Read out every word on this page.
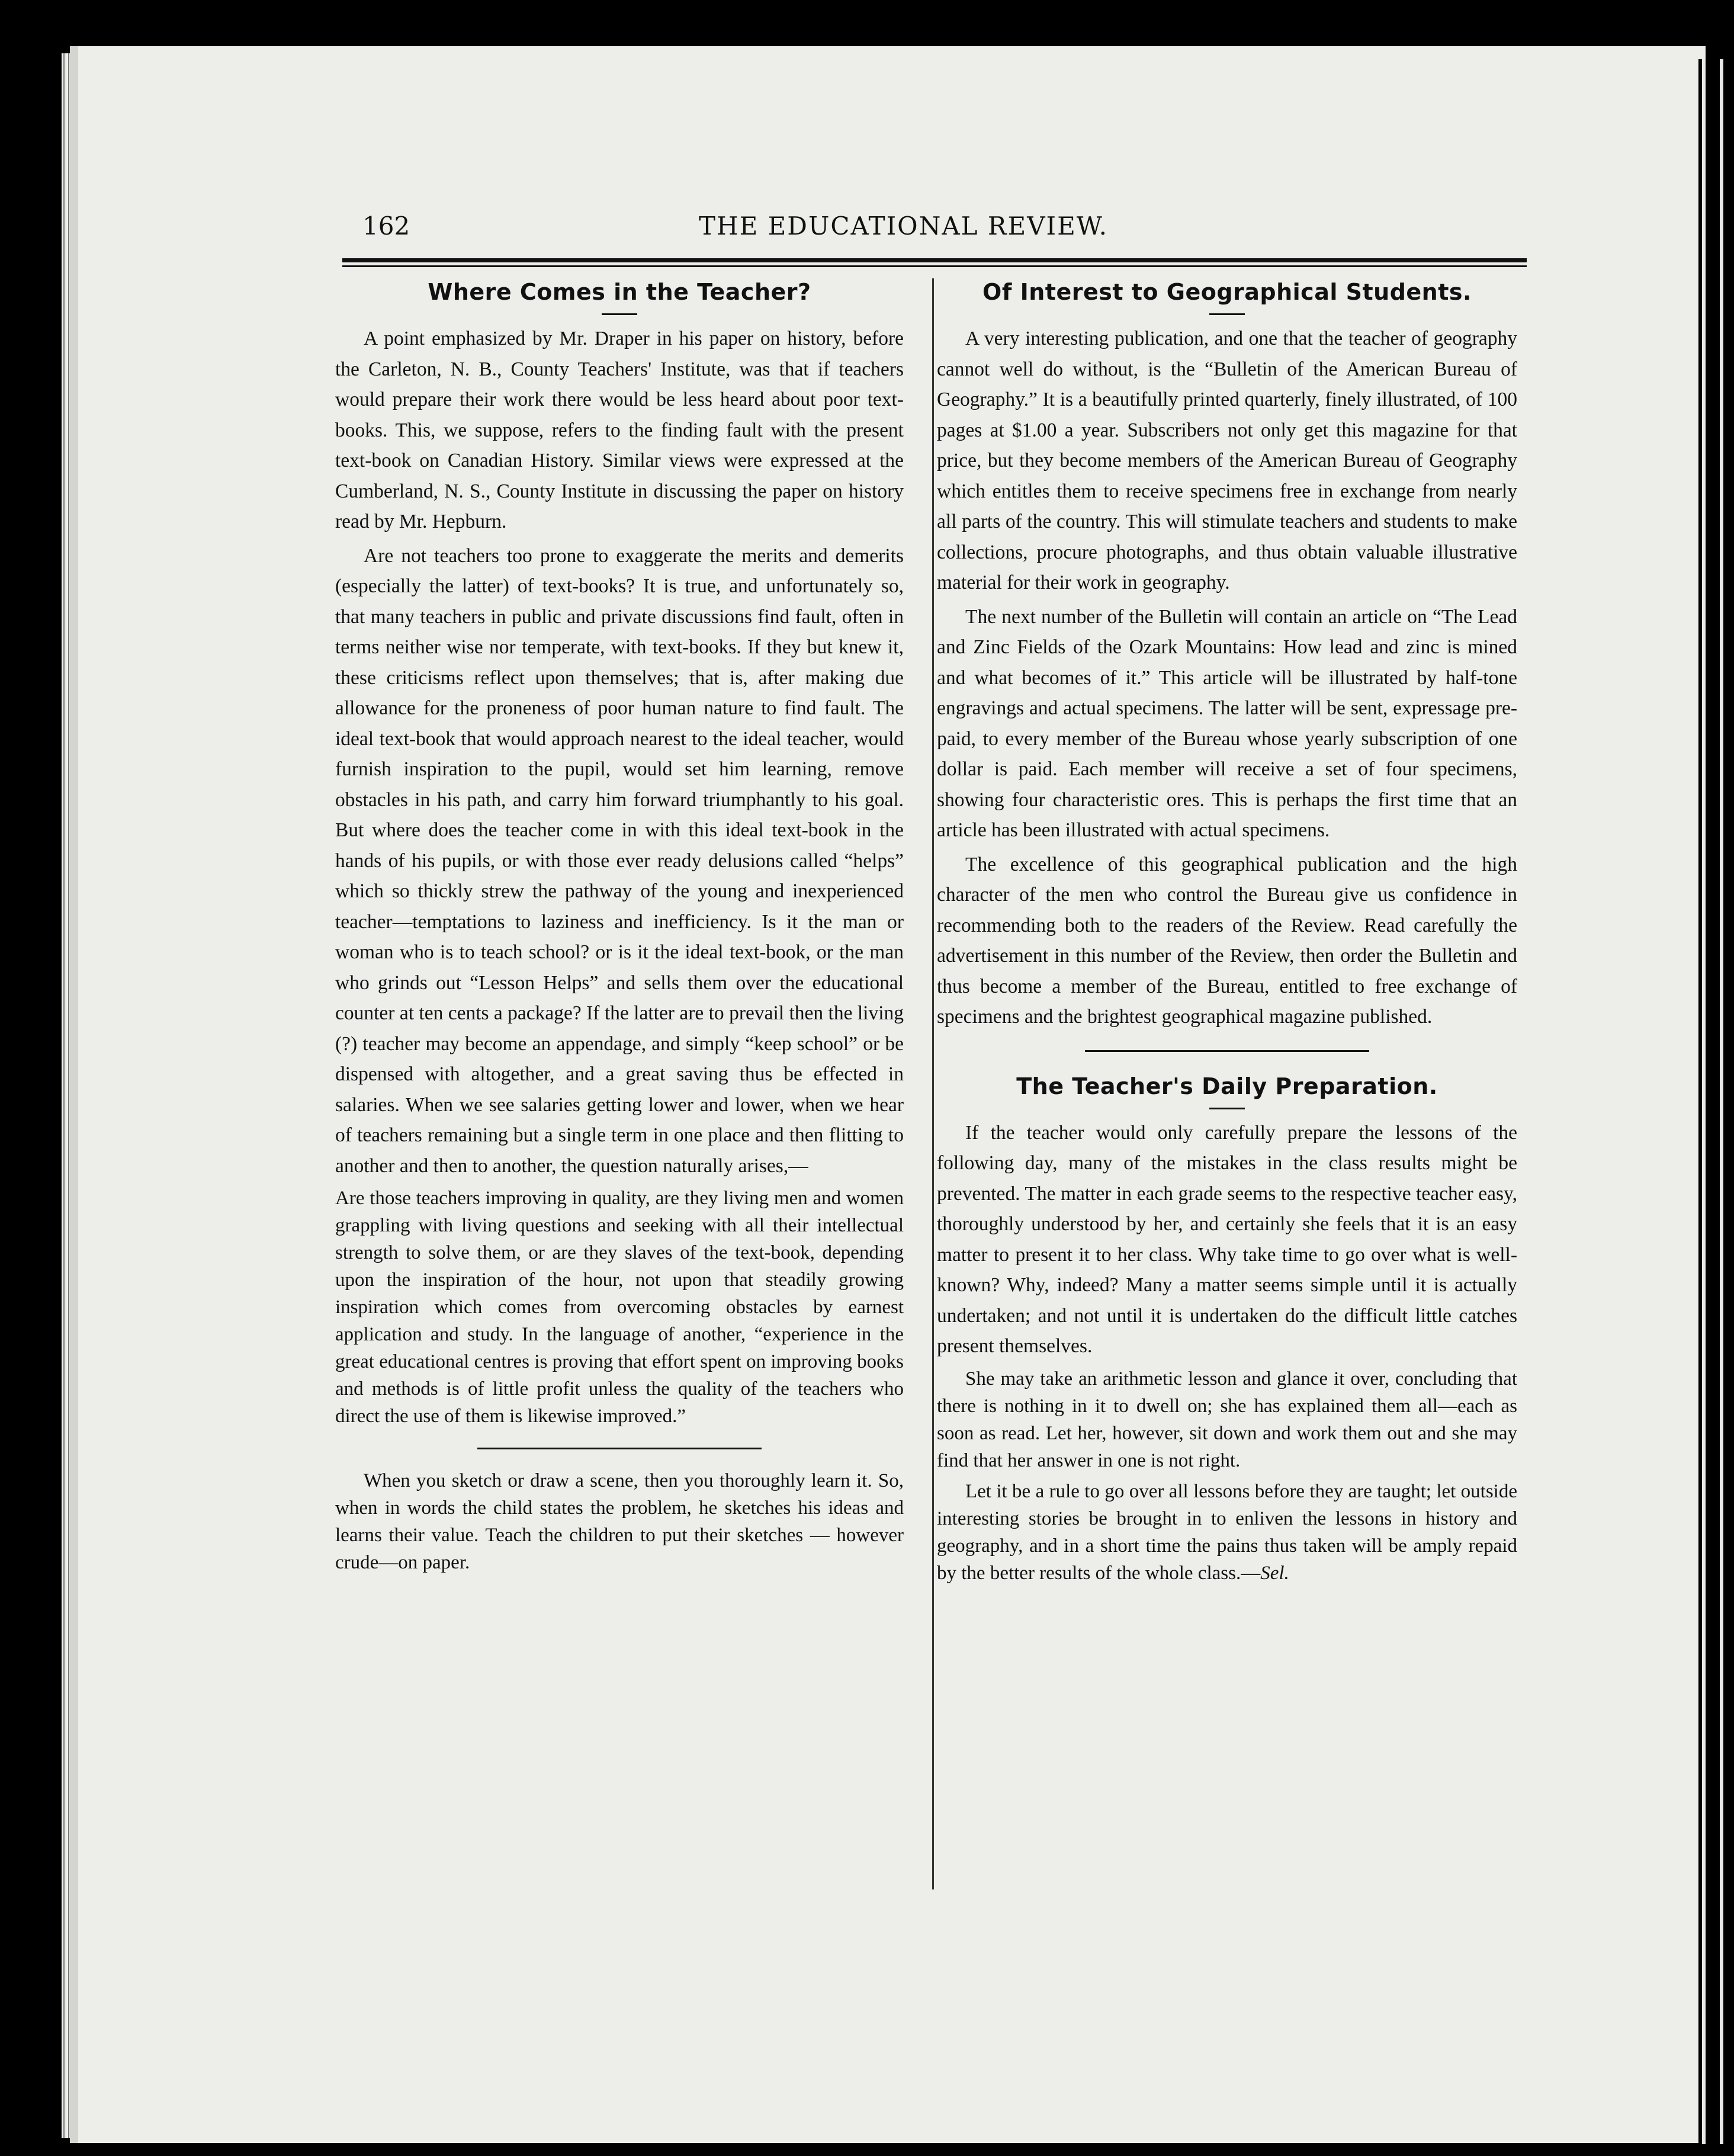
162	THE EDUCATIONAL REVIEW.
Where Comes in the Teacher?

A point emphasized by Mr. Draper in his paper on history, before the Carleton, N. B., County Teachers' Institute, was that if teachers would prepare their work there would be less heard about poor text-books. This, we suppose, refers to the finding fault with the present text-book on Canadian History. Similar views were expressed at the Cumberland, N. S., County Institute in discussing the paper on history read by Mr. Hepburn.

Are not teachers too prone to exaggerate the merits and demerits (especially the latter) of text-books? It is true, and unfortunately so, that many teachers in public and private discussions find fault, often in terms neither wise nor temperate, with text-books. If they but knew it, these criticisms reflect upon themselves; that is, after making due allowance for the proneness of poor human nature to find fault. The ideal text-book that would approach nearest to the ideal teacher, would furnish inspiration to the pupil, would set him learning, remove obstacles in his path, and carry him forward triumphantly to his goal. But where does the teacher come in with this ideal text-book in the hands of his pupils, or with those ever ready delusions called “helps” which so thickly strew the pathway of the young and inexperienced teacher—temptations to laziness and inefficiency. Is it the man or woman who is to teach school? or is it the ideal text-book, or the man who grinds out “Lesson Helps” and sells them over the educational counter at ten cents a package? If the latter are to prevail then the living (?) teacher may become an appendage, and simply “keep school” or be dispensed with altogether, and a great saving thus be effected in salaries. When we see salaries getting lower and lower, when we hear of teachers remaining but a single term in one place and then flitting to another and then to another, the question naturally arises,—

Are those teachers improving in quality, are they living men and women grappling with living questions and seeking with all their intellectual strength to solve them, or are they slaves of the text-book, depending upon the inspiration of the hour, not upon that steadily growing inspiration which comes from overcoming obstacles by earnest application and study. In the language of another, “experience in the great educational centres is proving that effort spent on improving books and methods is of little profit unless the quality of the teachers who direct the use of them is likewise improved.”

When you sketch or draw a scene, then you thoroughly learn it. So, when in words the child states the problem, he sketches his ideas and learns their value. Teach the children to put their sketches — however crude—on paper.

Of Interest to Geographical Students.

A very interesting publication, and one that the teacher of geography cannot well do without, is the “Bulletin of the American Bureau of Geography.” It is a beautifully printed quarterly, finely illustrated, of 100 pages at $1.00 a year. Subscribers not only get this magazine for that price, but they become members of the American Bureau of Geography which entitles them to receive specimens free in exchange from nearly all parts of the country. This will stimulate teachers and students to make collections, procure photographs, and thus obtain valuable illustrative material for their work in geography.

The next number of the Bulletin will contain an article on “The Lead and Zinc Fields of the Ozark Mountains: How lead and zinc is mined and what becomes of it.” This article will be illustrated by half-tone engravings and actual specimens. The latter will be sent, expressage pre-paid, to every member of the Bureau whose yearly subscription of one dollar is paid. Each member will receive a set of four specimens, showing four characteristic ores. This is perhaps the first time that an article has been illustrated with actual specimens.

The excellence of this geographical publication and the high character of the men who control the Bureau give us confidence in recommending both to the readers of the Review. Read carefully the advertisement in this number of the Review, then order the Bulletin and thus become a member of the Bureau, entitled to free exchange of specimens and the brightest geographical magazine published.

The Teacher's Daily Preparation.

If the teacher would only carefully prepare the lessons of the following day, many of the mistakes in the class results might be prevented. The matter in each grade seems to the respective teacher easy, thoroughly understood by her, and certainly she feels that it is an easy matter to present it to her class. Why take time to go over what is well-known? Why, indeed? Many a matter seems simple until it is actually undertaken; and not until it is undertaken do the difficult little catches present themselves.

She may take an arithmetic lesson and glance it over, concluding that there is nothing in it to dwell on; she has explained them all—each as soon as read. Let her, however, sit down and work them out and she may find that her answer in one is not right.

Let it be a rule to go over all lessons before they are taught; let outside interesting stories be brought in to enliven the lessons in history and geography, and in a short time the pains thus taken will be amply repaid by the better results of the whole class.—Sel.
